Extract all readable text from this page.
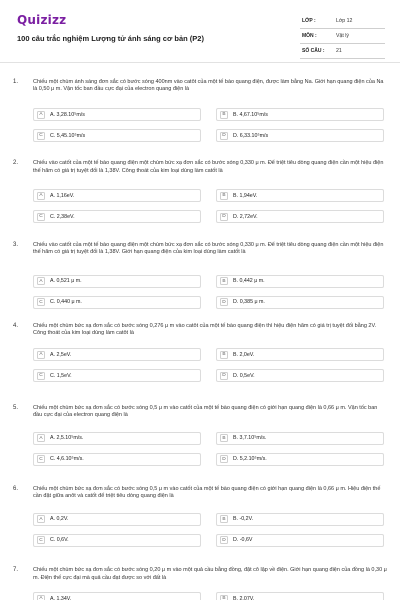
Quizizz
100 câu trắc nghiệm Lượng tử ánh sáng cơ bản (P2)
LỚP :	Lớp 12
MÔN :	Vật lý
SỐ CÂU :	21
1.	Chiếu một chùm ánh sáng đơn sắc có bước sóng 400nm vào catôt của một tế bào quang điện, được làm bằng Na. Giới hạn quang điện của Na là 0,50 μ m. Vận tốc ban đầu cực đại của electron quang điện là
A	A. 3,28.10⁵m/s	B	B. 4,67.10⁵m/s
C	C. 5,45.10⁵m/s	D	D. 6,33.10⁵m/s
2.	Chiếu vào catốt của một tế bào quang điện một chùm bức xạ đơn sắc có bước sóng 0,330 μ m. Để triệt tiêu dòng quang điện cần một hiệu điện thế hãm có giá trị tuyệt đối là 1,38V. Công thoát của kim loại dùng làm catốt là
A	A. 1,16eV.	B	B. 1,94eV.
C	C. 2,38eV.	D	D. 2,72eV.
3.	Chiếu vào catốt của một tế bào quang điện một chùm bức xạ đơn sắc có bước sóng 0,330 μ m. Để triệt tiêu dòng quang điện cần một hiệu điện thế hãm có giá trị tuyệt đối là 1,38V. Giới hạn quang điện của kim loại dùng làm catốt là
A	A. 0,521 μ m.	B	B. 0,442 μ m.
C	C. 0,440 μ m.	D	D. 0,385 μ m.
4.	Chiếu một chùm bức xạ đơn sắc có bước sóng 0,276 μ m vào catôt của một tế bào quang điện thì hiệu điện hãm có giá trị tuyệt đối bằng 2V. Công thoát của kim loại dùng làm catôt là
A	A. 2,5eV.	B	B. 2,0eV.
C	C. 1,5eV.	D	D. 0,5eV.
5.	Chiếu một chùm bức xạ đơn sắc có bước sóng 0,5 μ m vào catốt của một tế bào quang điện có giới hạn quang điện là 0,66 μ m. Vận tốc ban đầu cực đại của electron quang điện là
A	A. 2,5.10⁵m/s.	B	B. 3,7.10⁵m/s.
C	C. 4,6.10⁵m/s.	D	D. 5,2.10⁵m/s.
6.	Chiếu một chùm bức xạ đơn sắc có bước sóng 0,5 μ m vào catốt của một tế bào quang điện có giới hạn quang điện là 0,66 μ m. Hiệu điện thế cần đặt giữa anôt và catốt để triệt tiêu dòng quang điện là
A	A. 0,2V.	B	B. -0,2V.
C	C. 0,6V.	D	D. -0,6V
7.	Chiếu một chùm bức xạ đơn sắc có bước sóng 0,20 μ m vào một quả cầu bằng đồng, đặt cô lập về điện. Giới hạn quang điện của đồng là 0,30 μ m. Điện thế cực đại mà quả cầu đạt được so với đất là
A	A. 1,34V.	B	B. 2,07V.
